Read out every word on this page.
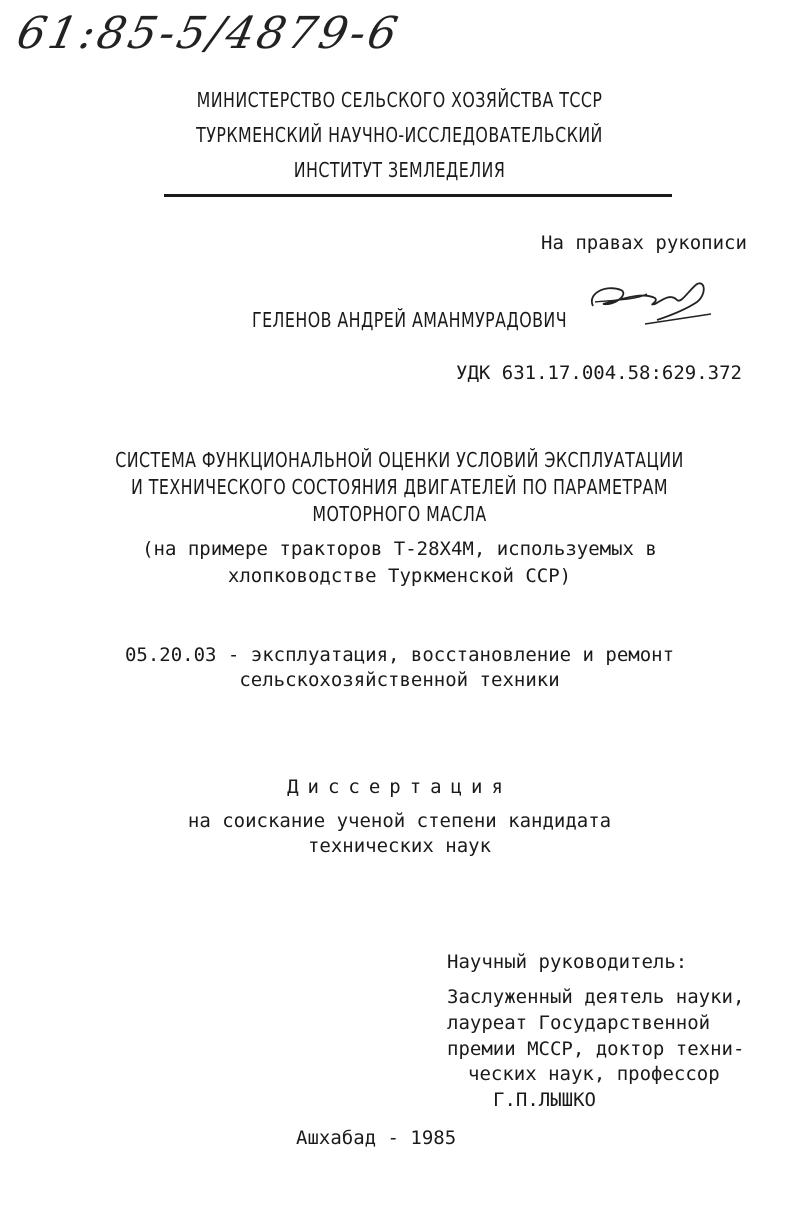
61:85-5/4879-6
МИНИСТЕРСТВО СЕЛЬСКОГО ХОЗЯЙСТВА ТССР
ТУРКМЕНСКИЙ НАУЧНО-ИССЛЕДОВАТЕЛЬСКИЙ
ИНСТИТУТ ЗЕМЛЕДЕЛИЯ
На правах рукописи
ГЕЛЕНОВ АНДРЕЙ АМАНМУРАДОВИЧ
УДК 631.17.004.58:629.372
СИСТЕМА ФУНКЦИОНАЛЬНОЙ ОЦЕНКИ УСЛОВИЙ ЭКСПЛУАТАЦИИ
И ТЕХНИЧЕСКОГО СОСТОЯНИЯ ДВИГАТЕЛЕЙ ПО ПАРАМЕТРАМ
МОТОРНОГО МАСЛА
(на примере тракторов Т-28Х4М, используемых в
хлопководстве Туркменской ССР)
05.20.03 - эксплуатация, восстановление и ремонт
сельскохозяйственной техники
Диссертация
на соискание ученой степени кандидата
технических наук
Научный руководитель:
Заслуженный деятель науки,
лауреат Государственной
премии МССР, доктор техни-
ческих наук, профессор
Г.П.ЛЫШКО
Ашхабад - 1985
